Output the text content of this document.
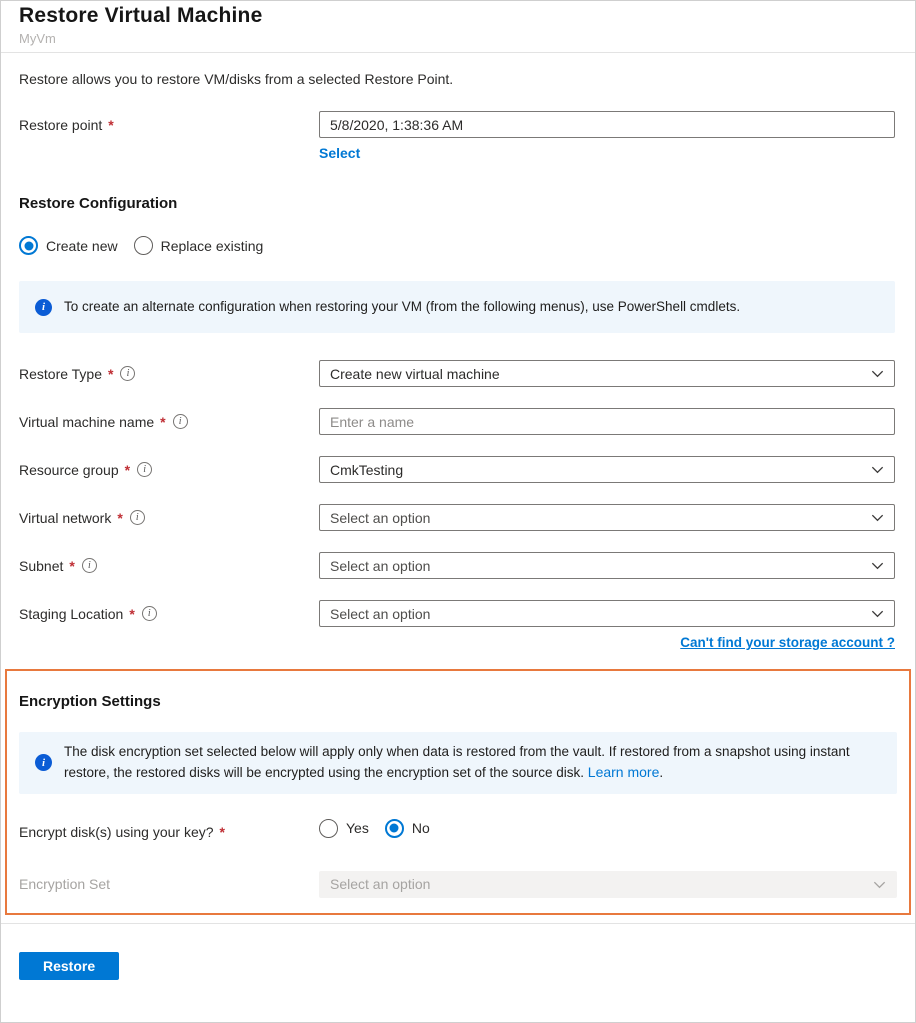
Restore Virtual Machine
MyVm

Restore allows you to restore VM/disks from a selected Restore Point.

Restore point *
5/8/2020, 1:38:36 AM Select
Restore Configuration
Create new	Replace existing
i	To create an alternate configuration when restoring your VM (from the following menus), use PowerShell cmdlets.
Restore Type *	i	Create new virtual machine
Virtual machine name *	i
Enter a name
Resource group *	i	CmkTesting
Virtual network *	i	Select an option
Subnet *	i	Select an option
Staging Location *	i	Select an option
Can't find your storage account ?
Encryption Settings
i
The disk encryption set selected below will apply only when data is restored from the vault. If restored from a snapshot using instant restore, the restored disks will be encrypted using the encryption set of the source disk. Learn more.
Encrypt disk(s) using your key? *	Yes	No
Encryption Set	Select an option
Restore
